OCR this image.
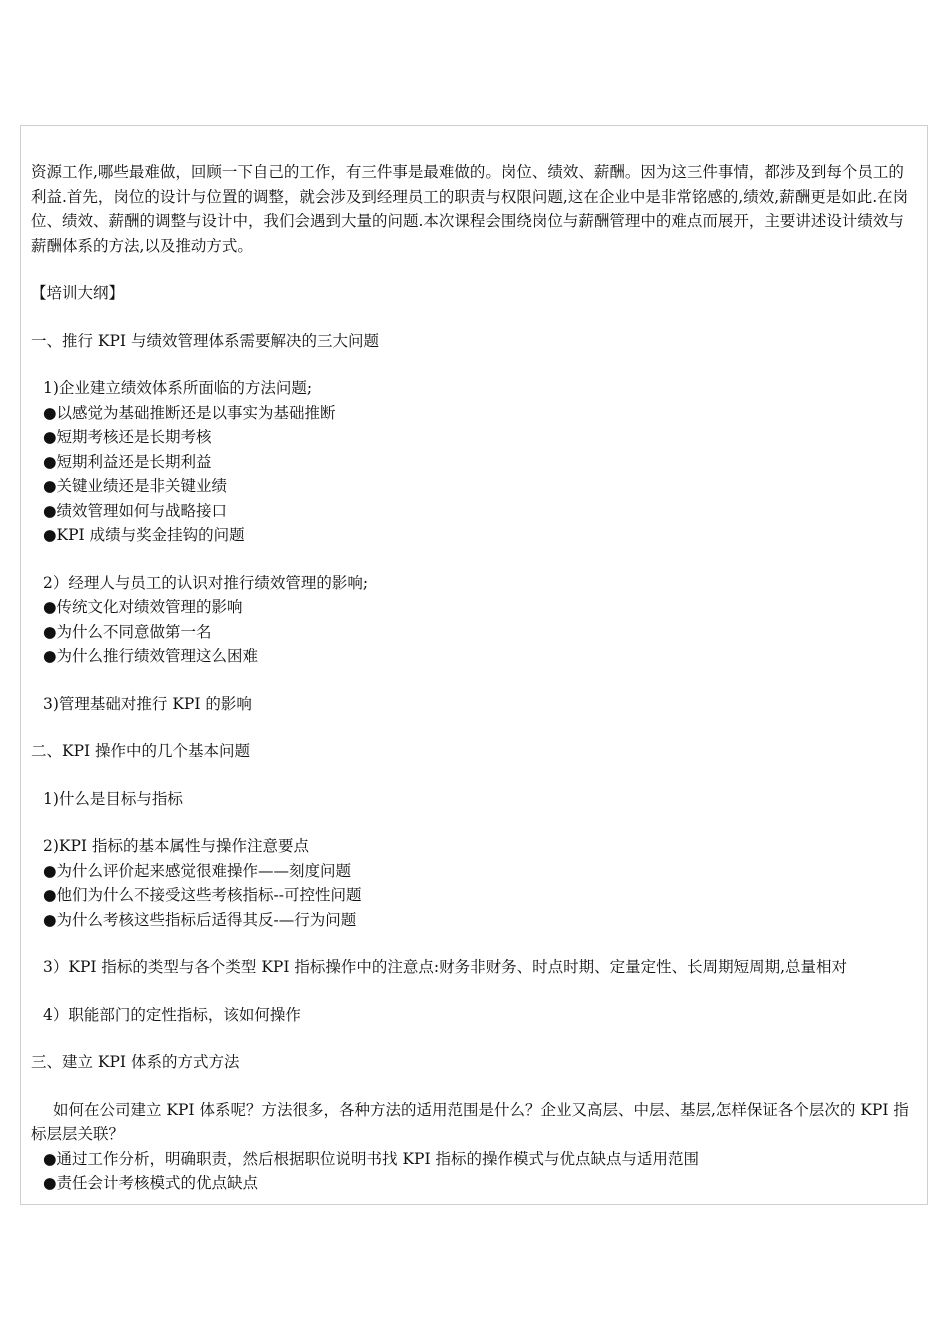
资源工作,哪些最难做，回顾一下自己的工作，有三件事是最难做的。岗位、绩效、薪酬。因为这三件事情，都涉及到每个员工的利益.首先，岗位的设计与位置的调整，就会涉及到经理员工的职责与权限问题,这在企业中是非常铭感的,绩效,薪酬更是如此.在岗位、绩效、薪酬的调整与设计中，我们会遇到大量的问题.本次课程会围绕岗位与薪酬管理中的难点而展开，主要讲述设计绩效与薪酬体系的方法,以及推动方式。

【培训大纲】

一、推行 KPI 与绩效管理体系需要解决的三大问题

1)企业建立绩效体系所面临的方法问题;

●以感觉为基础推断还是以事实为基础推断

●短期考核还是长期考核

●短期利益还是长期利益

●关键业绩还是非关键业绩

●绩效管理如何与战略接口

●KPI 成绩与奖金挂钩的问题

2）经理人与员工的认识对推行绩效管理的影响;

●传统文化对绩效管理的影响

●为什么不同意做第一名

●为什么推行绩效管理这么困难

3)管理基础对推行 KPI 的影响

二、KPI 操作中的几个基本问题

1)什么是目标与指标

2)KPI 指标的基本属性与操作注意要点

●为什么评价起来感觉很难操作——刻度问题

●他们为什么不接受这些考核指标--可控性问题

●为什么考核这些指标后适得其反-—行为问题

3）KPI 指标的类型与各个类型 KPI 指标操作中的注意点:财务非财务、时点时期、定量定性、长周期短周期,总量相对

4）职能部门的定性指标，该如何操作

三、建立 KPI 体系的方式方法

如何在公司建立 KPI 体系呢？方法很多，各种方法的适用范围是什么？企业又高层、中层、基层,怎样保证各个层次的 KPI 指标层层关联？

●通过工作分析，明确职责，然后根据职位说明书找 KPI 指标的操作模式与优点缺点与适用范围

●责任会计考核模式的优点缺点
